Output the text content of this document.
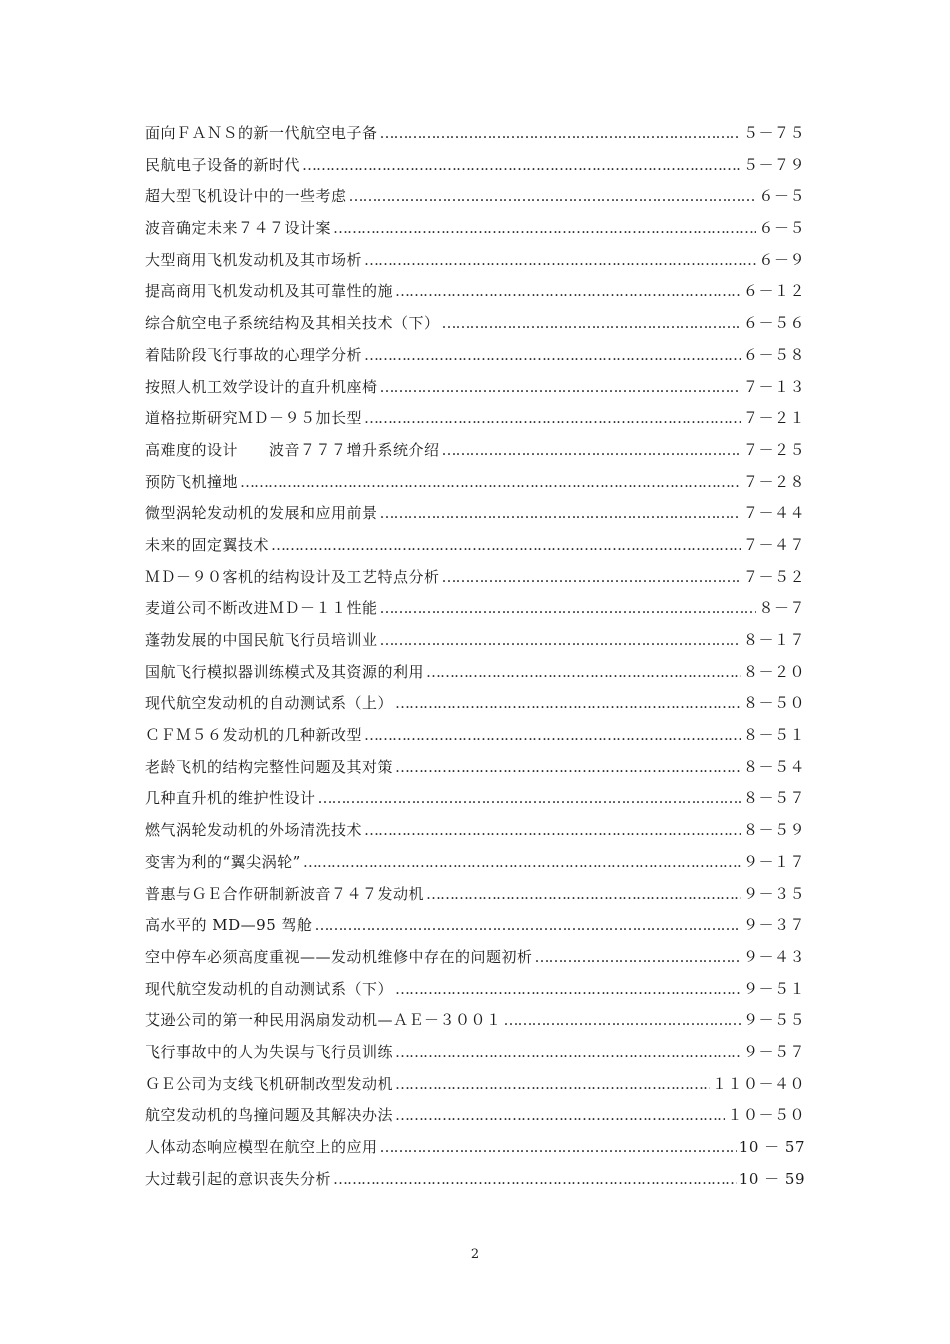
面向ＦＡＮＳ的新一代航空电子备 ……………………………………………………………………………………………………………………………………………………………………………………	５－７５
民航电子设备的新时代 ……………………………………………………………………………………………………………………………………………………………………………………	５－７９
超大型飞机设计中的一些考虑 ……………………………………………………………………………………………………………………………………………………………………………………	６－５
波音确定未来７４７设计案 ……………………………………………………………………………………………………………………………………………………………………………………	６－５
大型商用飞机发动机及其市场析 ……………………………………………………………………………………………………………………………………………………………………………………	６－９
提高商用飞机发动机及其可靠性的施 ……………………………………………………………………………………………………………………………………………………………………………………	６－１２
综合航空电子系统结构及其相关技术（下） ……………………………………………………………………………………………………………………………………………………………………………………	６－５６
着陆阶段飞行事故的心理学分析 ……………………………………………………………………………………………………………………………………………………………………………………	６－５８
按照人机工效学设计的直升机座椅 ……………………………………………………………………………………………………………………………………………………………………………………	７－１３
道格拉斯研究ＭＤ－９５加长型 ……………………………………………………………………………………………………………………………………………………………………………………	７－２１
高难度的设计　　波音７７７增升系统介绍 ……………………………………………………………………………………………………………………………………………………………………………………	７－２５
预防飞机撞地 ……………………………………………………………………………………………………………………………………………………………………………………	７－２８
微型涡轮发动机的发展和应用前景 ……………………………………………………………………………………………………………………………………………………………………………………	７－４４
未来的固定翼技术 ……………………………………………………………………………………………………………………………………………………………………………………	７－４７
ＭＤ－９０客机的结构设计及工艺特点分析 ……………………………………………………………………………………………………………………………………………………………………………………	７－５２
麦道公司不断改进ＭＤ－１１性能 ……………………………………………………………………………………………………………………………………………………………………………………	８－７
蓬勃发展的中国民航飞行员培训业 ……………………………………………………………………………………………………………………………………………………………………………………	８－１７
国航飞行模拟器训练模式及其资源的利用 ……………………………………………………………………………………………………………………………………………………………………………………	８－２０
现代航空发动机的自动测试系（上） ……………………………………………………………………………………………………………………………………………………………………………………	８－５０
ＣＦＭ５６发动机的几种新改型 ……………………………………………………………………………………………………………………………………………………………………………………	８－５１
老龄飞机的结构完整性问题及其对策 ……………………………………………………………………………………………………………………………………………………………………………………	８－５４
几种直升机的维护性设计 ……………………………………………………………………………………………………………………………………………………………………………………	８－５７
燃气涡轮发动机的外场清洗技术 ……………………………………………………………………………………………………………………………………………………………………………………	８－５９
变害为利的“翼尖涡轮” ……………………………………………………………………………………………………………………………………………………………………………………	９－１７
普惠与ＧＥ合作研制新波音７４７发动机 ……………………………………………………………………………………………………………………………………………………………………………………	９－３５
高水平的 MD—95 驾舱 ……………………………………………………………………………………………………………………………………………………………………………………	９－３７
空中停车必须高度重视——发动机维修中存在的问题初析 ……………………………………………………………………………………………………………………………………………………………………………………	９－４３
现代航空发动机的自动测试系（下） ……………………………………………………………………………………………………………………………………………………………………………………	９－５１
艾逊公司的第一种民用涡扇发动机—ＡＥ－３００１ ……………………………………………………………………………………………………………………………………………………………………………………	９－５５
飞行事故中的人为失误与飞行员训练 ……………………………………………………………………………………………………………………………………………………………………………………	９－５７
ＧＥ公司为支线飞机研制改型发动机 ……………………………………………………………………………………………………………………………………………………………………………………	１１０－４０
航空发动机的鸟撞问题及其解决办法 ……………………………………………………………………………………………………………………………………………………………………………………	１０－５０
人体动态响应模型在航空上的应用 ……………………………………………………………………………………………………………………………………………………………………………………	10 － 57
大过载引起的意识丧失分析 ……………………………………………………………………………………………………………………………………………………………………………………	10 － 59
2
